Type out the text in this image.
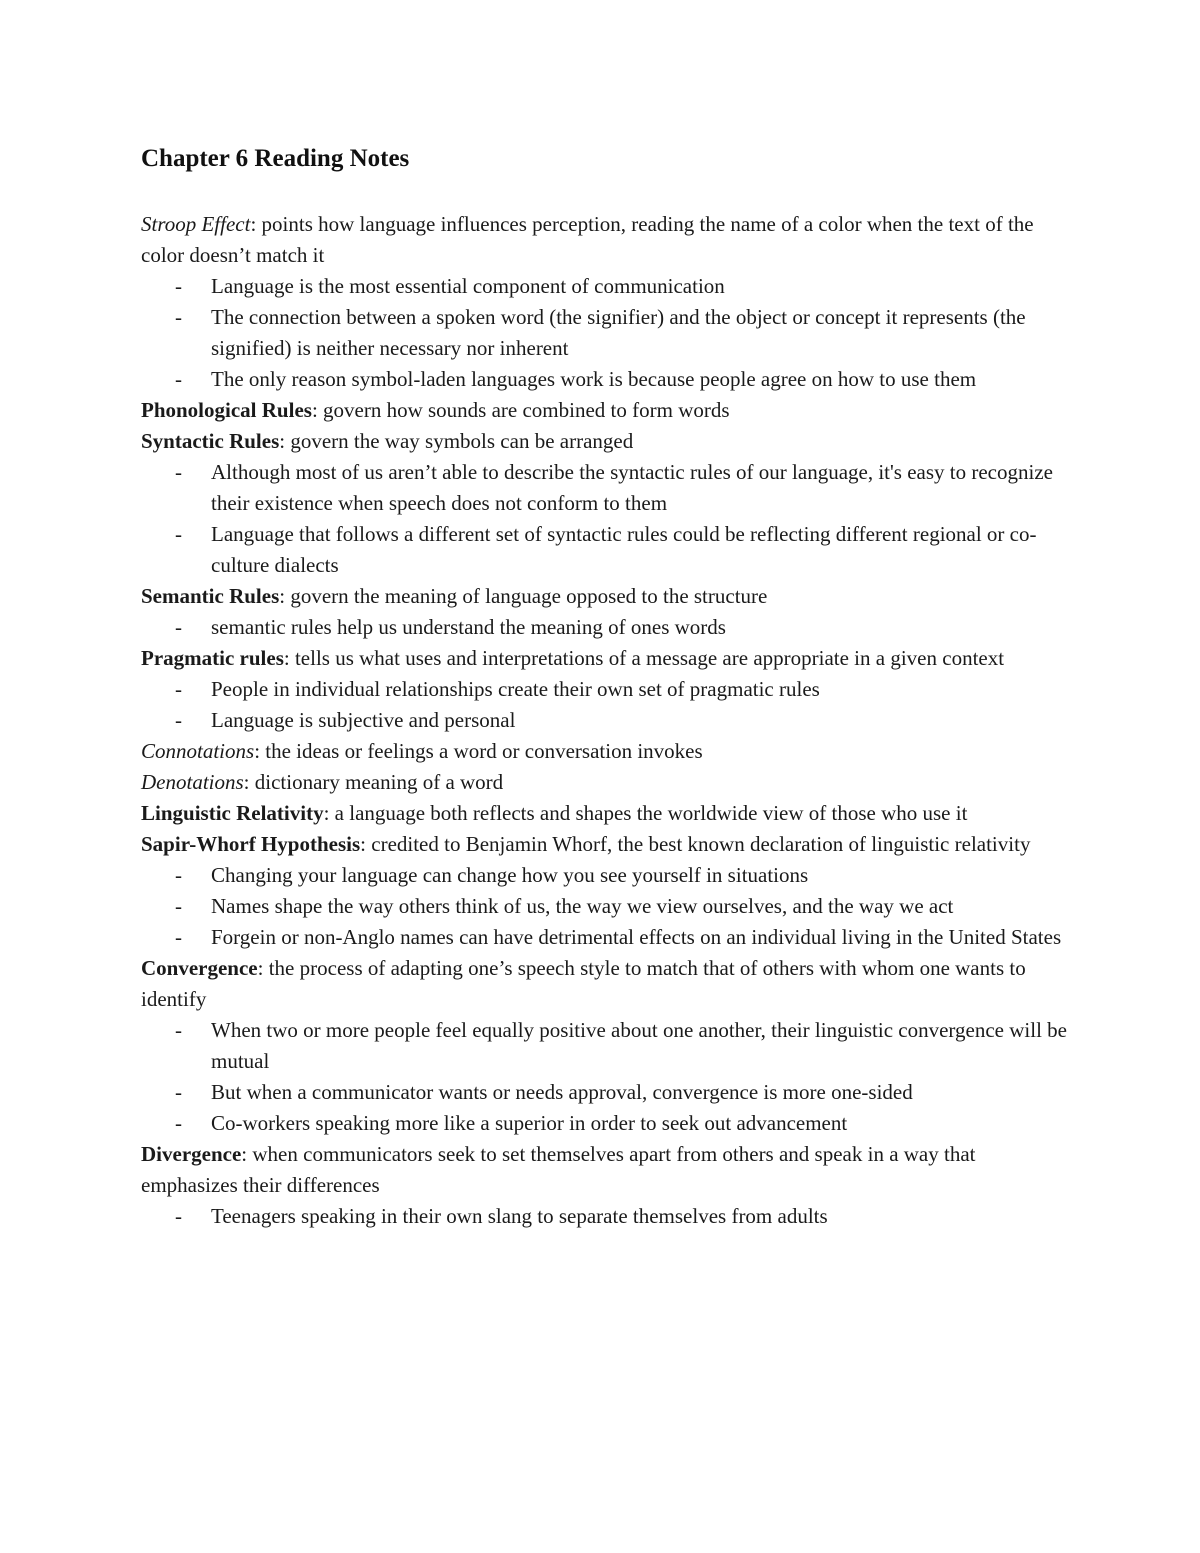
Chapter 6 Reading Notes

Stroop Effect: points how language influences perception, reading the name of a color when the text of the color doesn’t match it

- Language is the most essential component of communication
- The connection between a spoken word (the signifier) and the object or concept it represents (the signified) is neither necessary nor inherent
- The only reason symbol-laden languages work is because people agree on how to use them

Phonological Rules: govern how sounds are combined to form words

Syntactic Rules: govern the way symbols can be arranged

- Although most of us aren’t able to describe the syntactic rules of our language, it's easy to recognize their existence when speech does not conform to them
- Language that follows a different set of syntactic rules could be reflecting different regional or co-culture dialects

Semantic Rules: govern the meaning of language opposed to the structure

- semantic rules help us understand the meaning of ones words

Pragmatic rules: tells us what uses and interpretations of a message are appropriate in a given context

- People in individual relationships create their own set of pragmatic rules
- Language is subjective and personal

Connotations: the ideas or feelings a word or conversation invokes

Denotations: dictionary meaning of a word

Linguistic Relativity: a language both reflects and shapes the worldwide view of those who use it

Sapir-Whorf Hypothesis: credited to Benjamin Whorf, the best known declaration of linguistic relativity

- Changing your language can change how you see yourself in situations
- Names shape the way others think of us, the way we view ourselves, and the way we act
- Forgein or non-Anglo names can have detrimental effects on an individual living in the United States

Convergence: the process of adapting one’s speech style to match that of others with whom one wants to identify

- When two or more people feel equally positive about one another, their linguistic convergence will be mutual
- But when a communicator wants or needs approval, convergence is more one-sided
- Co-workers speaking more like a superior in order to seek out advancement

Divergence: when communicators seek to set themselves apart from others and speak in a way that emphasizes their differences

- Teenagers speaking in their own slang to separate themselves from adults
